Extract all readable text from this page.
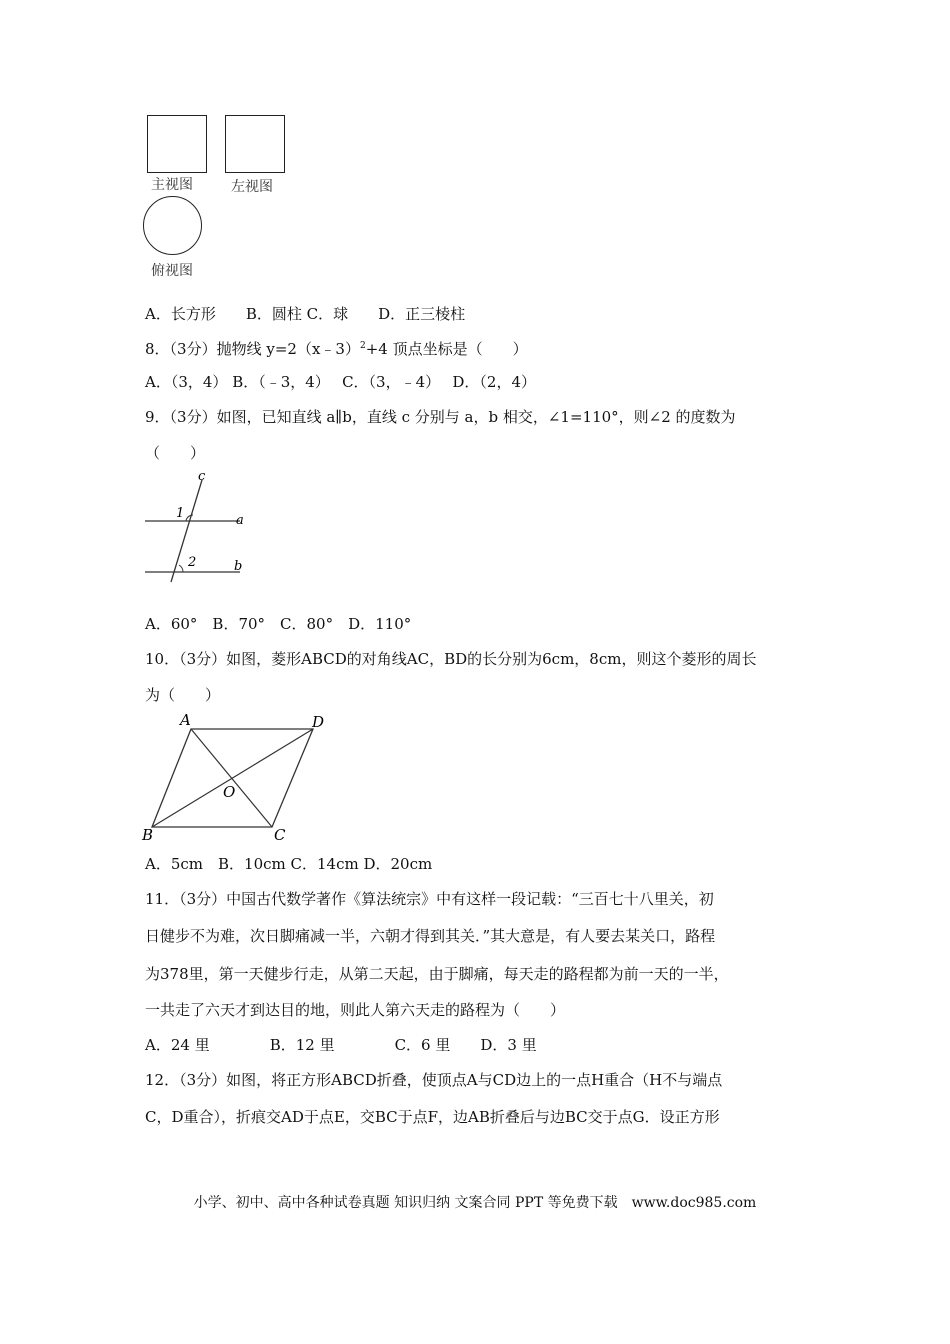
主视图	左视图
俯视图
A．长方形　　B．圆柱 C．球　　D．正三棱柱
8．（3分）抛物线 y=2（x﹣3）$^2$+4 顶点坐标是（　　）
A．（3，4） B．（﹣3，4）　 C．（3，﹣4）　 D．（2，4）
9．（3分）如图，已知直线 a∥b，直线 c 分别与 a，b 相交，∠1=110°，则∠2 的度数为
（　　）
c
1	a
2	b
A．60°　B．70°　C．80°　D．110°
10．（3分）如图，菱形ABCD的对角线AC，BD的长分别为6cm，8cm，则这个菱形的周长
为（　　）
A	D
O
B	C
A．5cm　B．10cm C．14cm D．20cm
11．（3分）中国古代数学著作《算法统宗》中有这样一段记载：“三百七十八里关，初
日健步不为难，次日脚痛减一半，六朝才得到其关．”其大意是，有人要去某关口，路程
为378里，第一天健步行走，从第二天起，由于脚痛，每天走的路程都为前一天的一半，
一共走了六天才到达目的地，则此人第六天走的路程为（　　）
A．24 里　　　　B．12 里　　　　C．6 里　　D．3 里
12．（3分）如图，将正方形ABCD折叠，使顶点A与CD边上的一点H重合（H不与端点
C，D重合），折痕交AD于点E，交BC于点F，边AB折叠后与边BC交于点G．设正方形
小学、初中、高中各种试卷真题 知识归纳 文案合同 PPT 等免费下载　www.doc985.com
